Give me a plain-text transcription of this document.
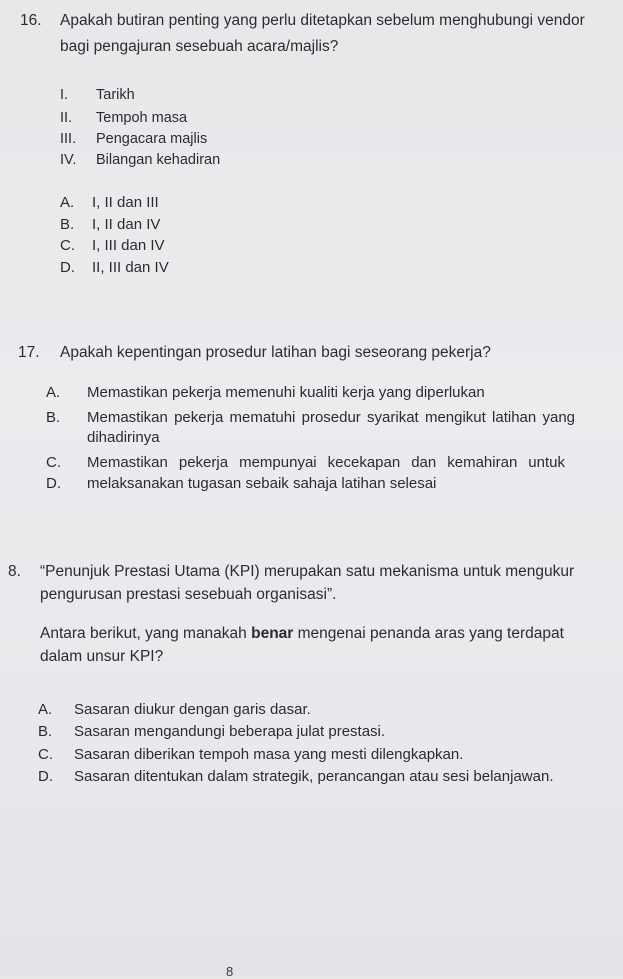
16. Apakah butiran penting yang perlu ditetapkan sebelum menghubungi vendor
bagi pengajuran sesebuah acara/majlis?
I. Tarikh
II. Tempoh masa
III. Pengacara majlis
IV. Bilangan kehadiran
A. I, II dan III
B. I, II dan IV
C. I, III dan IV
D. II, III dan IV
17. Apakah kepentingan prosedur latihan bagi seseorang pekerja?
A. Memastikan pekerja memenuhi kualiti kerja yang diperlukan
B. Memastikan pekerja mematuhi prosedur syarikat mengikut latihan yang
dihadirinya
C. Memastikan pekerja mempunyai kecekapan dan kemahiran untuk
D. melaksanakan tugasan sebaik sahaja latihan selesai
8. “Penunjuk Prestasi Utama (KPI) merupakan satu mekanisma untuk mengukur
pengurusan prestasi sesebuah organisasi”.
Antara berikut, yang manakah benar mengenai penanda aras yang terdapat
dalam unsur KPI?
A. Sasaran diukur dengan garis dasar.
B. Sasaran mengandungi beberapa julat prestasi.
C. Sasaran diberikan tempoh masa yang mesti dilengkapkan.
D. Sasaran ditentukan dalam strategik, perancangan atau sesi belanjawan.
8
